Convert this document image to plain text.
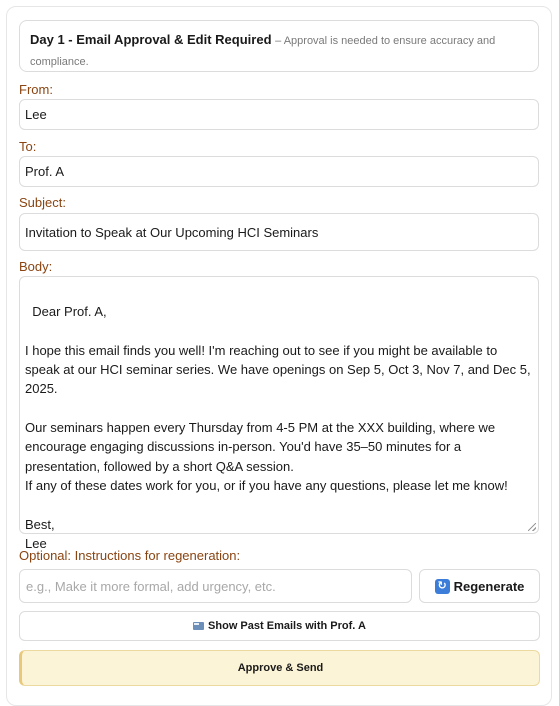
Day 1 - Email Approval & Edit Required – Approval is needed to ensure accuracy and compliance.
From:
Lee
To:
Prof. A
Subject:
Invitation to Speak at Our Upcoming HCI Seminars
Body:

Dear Prof. A,

I hope this email finds you well! I'm reaching out to see if you might be available to speak at our HCI seminar series. We have openings on Sep 5, Oct 3, Nov 7, and Dec 5, 2025.

Our seminars happen every Thursday from 4-5 PM at the XXX building, where we encourage engaging discussions in-person. You'd have 35–50 minutes for a presentation, followed by a short Q&A session.
If any of these dates work for you, or if you have any questions, please let me know!

Best,
Lee

Optional: Instructions for regeneration:
e.g., Make it more formal, add urgency, etc.	↻ Regenerate
Show Past Emails with Prof. A
Approve & Send
